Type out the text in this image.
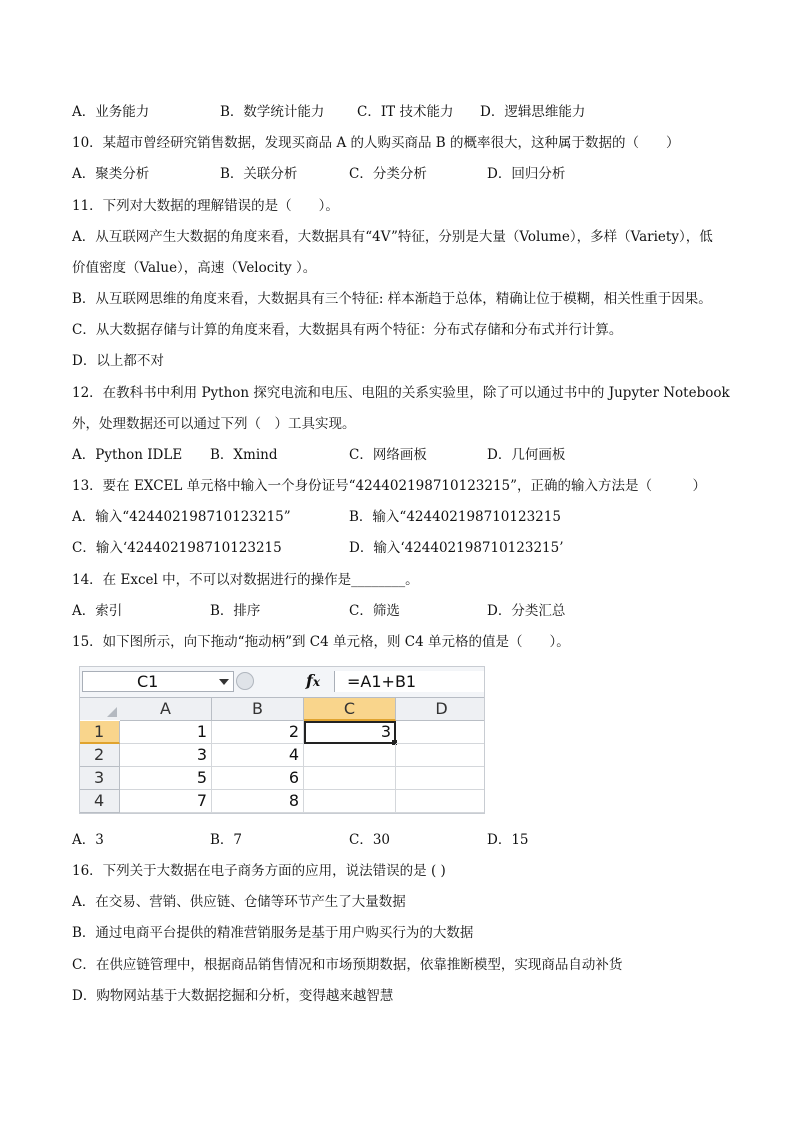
A．业务能力	B．数学统计能力 C．IT 技术能力 D．逻辑思维能力
10．某超市曾经研究销售数据，发现买商品 A 的人购买商品 B 的概率很大，这种属于数据的（　　）
A．聚类分析	B．关联分析	C．分类分析	D．回归分析
11．下列对大数据的理解错误的是（　　）。
A．从互联网产生大数据的角度来看，大数据具有“4V”特征，分别是大量（Volume），多样（Variety），低
价值密度（Value），高速（Velocity ）。
B．从互联网思维的角度来看，大数据具有三个特征: 样本渐趋于总体，精确让位于模糊，相关性重于因果。
C．从大数据存储与计算的角度来看，大数据具有两个特征：分布式存储和分布式并行计算。
D．以上都不对
12．在教科书中利用 Python 探究电流和电压、电阻的关系实验里，除了可以通过书中的 Jupyter Notebook
外，处理数据还可以通过下列（　）工具实现。
A．Python IDLE B．Xmind	C．网络画板	D．几何画板
13．要在 EXCEL 单元格中输入一个身份证号“424402198710123215”，正确的输入方法是（　　　）
A．输入“424402198710123215”	B．输入“424402198710123215
C．输入‘424402198710123215	D．输入‘424402198710123215’
14．在 Excel 中，不可以对数据进行的操作是________。
A．索引	B．排序	C．筛选	D．分类汇总
15．如下图所示，向下拖动“拖动柄”到 C4 单元格，则 C4 单元格的值是（　　）。
A．3	B．7	C．30	D．15
16．下列关于大数据在电子商务方面的应用，说法错误的是 ( )
A．在交易、营销、供应链、仓储等环节产生了大量数据
B．通过电商平台提供的精准营销服务是基于用户购买行为的大数据
C．在供应链管理中，根据商品销售情况和市场预期数据，依靠推断模型，实现商品自动补货
D．购物网站基于大数据挖掘和分析，变得越来越智慧
C1	fx	=A1+B1
A	B	C	D
1	1	2	3
2	3	4
3	5	6
4	7	8
